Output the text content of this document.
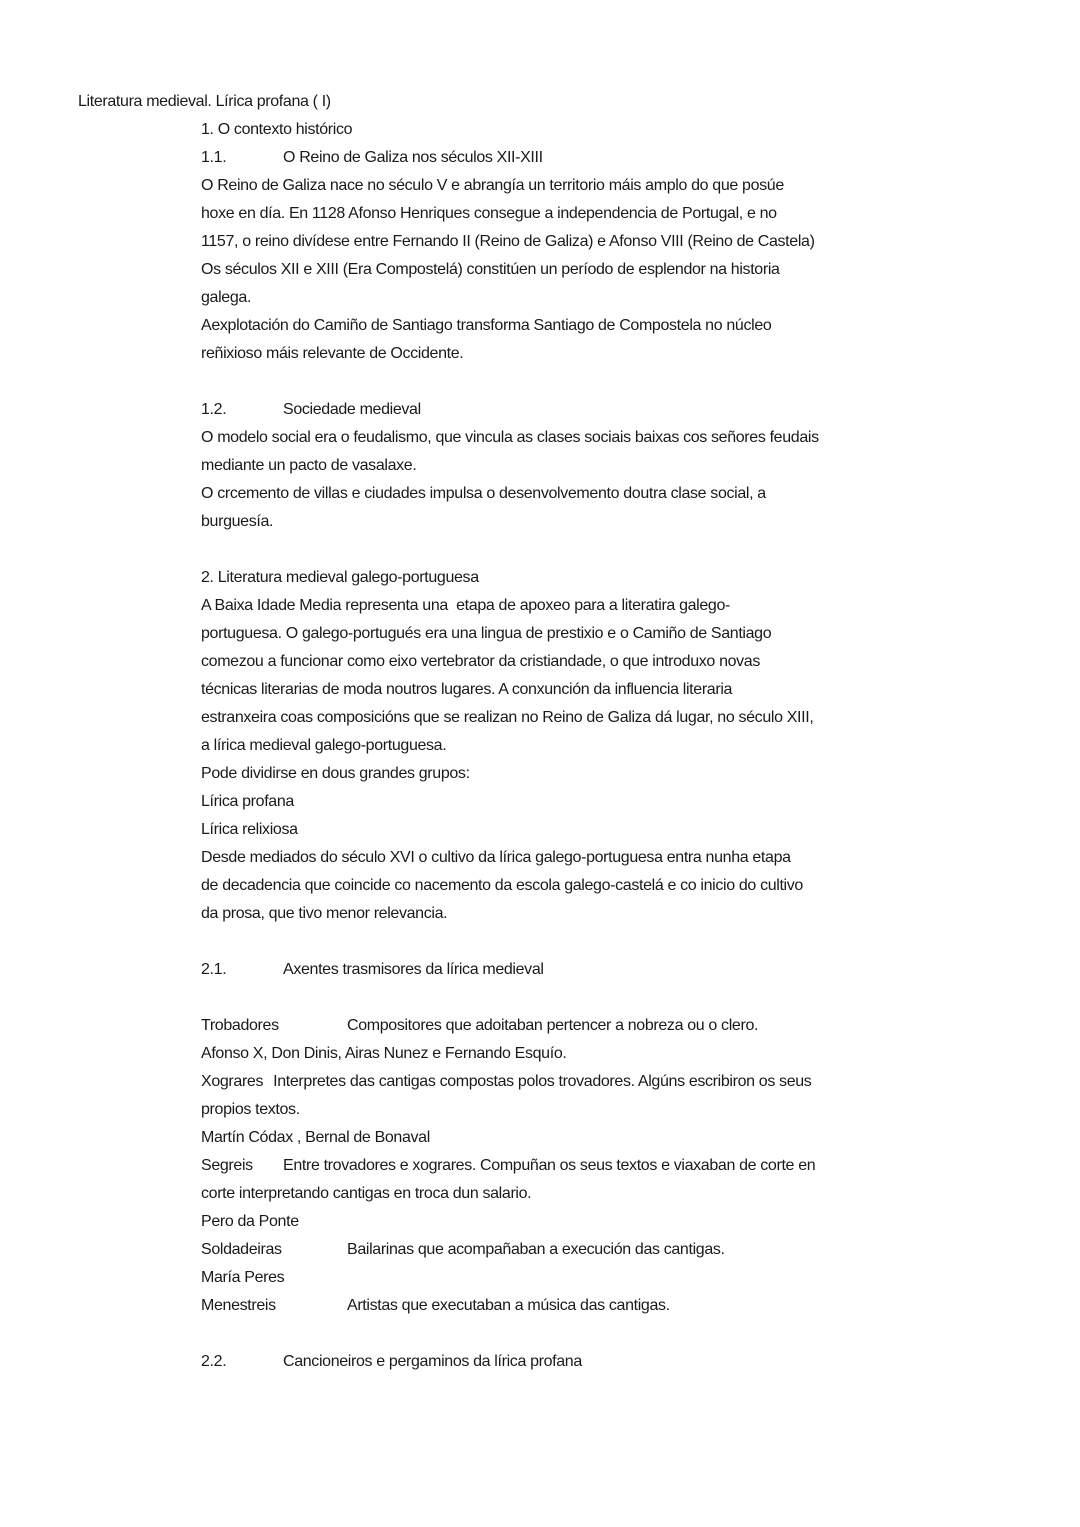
Literatura medieval. Lírica profana ( I)
1. O contexto histórico
1.1.	O Reino de Galiza nos séculos XII-XIII
O Reino de Galiza nace no século V e abrangía un territorio máis amplo do que posúe
hoxe en día. En 1128 Afonso Henriques consegue a independencia de Portugal, e no
1157, o reino divídese entre Fernando II (Reino de Galiza) e Afonso VIII (Reino de Castela)
Os séculos XII e XIII (Era Compostelá) constitúen un período de esplendor na historia
galega.
Aexplotación do Camiño de Santiago transforma Santiago de Compostela no núcleo
reñixioso máis relevante de Occidente.
1.2.	Sociedade medieval
O modelo social era o feudalismo, que vincula as clases sociais baixas cos señores feudais
mediante un pacto de vasalaxe.
O crcemento de villas e ciudades impulsa o desenvolvemento doutra clase social, a
burguesía.
2. Literatura medieval galego-portuguesa
A Baixa Idade Media representa una  etapa de apoxeo para a literatira galego-
portuguesa. O galego-portugués era una lingua de prestixio e o Camiño de Santiago
comezou a funcionar como eixo vertebrator da cristiandade, o que introduxo novas
técnicas literarias de moda noutros lugares. A conxunción da influencia literaria
estranxeira coas composicións que se realizan no Reino de Galiza dá lugar, no século XIII,
a lírica medieval galego-portuguesa.
Pode dividirse en dous grandes grupos:
Lírica profana
Lírica relixiosa
Desde mediados do século XVI o cultivo da lírica galego-portuguesa entra nunha etapa
de decadencia que coincide co nacemento da escola galego-castelá e co inicio do cultivo
da prosa, que tivo menor relevancia.
2.1.	Axentes trasmisores da lírica medieval
Trobadores	Compositores que adoitaban pertencer a nobreza ou o clero.
Afonso X, Don Dinis, Airas Nunez e Fernando Esquío.
Xograres Interpretes das cantigas compostas polos trovadores. Algúns escribiron os seus
propios textos.
Martín Códax , Bernal de Bonaval
Segreis Entre trovadores e xograres. Compuñan os seus textos e viaxaban de corte en
corte interpretando cantigas en troca dun salario.
Pero da Ponte
Soldadeiras	Bailarinas que acompañaban a execución das cantigas.
María Peres
Menestreis	Artistas que executaban a música das cantigas.
2.2.	Cancioneiros e pergaminos da lírica profana
